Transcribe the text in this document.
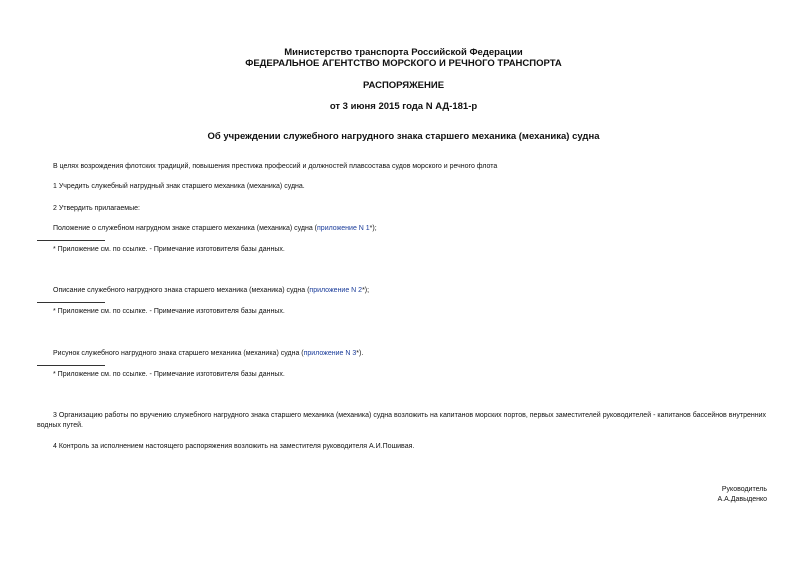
Министерство транспорта Российской Федерации
ФЕДЕРАЛЬНОЕ АГЕНТСТВО МОРСКОГО И РЕЧНОГО ТРАНСПОРТА
РАСПОРЯЖЕНИЕ
от 3 июня 2015 года N АД-181-р
Об учреждении служебного нагрудного знака старшего механика (механика) судна
В целях возрождения флотских традиций, повышения престижа профессий и должностей плавсостава судов морского и речного флота
1 Учредить служебный нагрудный знак старшего механика (механика) судна.
2 Утвердить прилагаемые:
Положение о служебном нагрудном знаке старшего механика (механика) судна (приложение N 1*);
* Приложение см. по ссылке. - Примечание изготовителя базы данных.
Описание служебного нагрудного знака старшего механика (механика) судна (приложение N 2*);
* Приложение см. по ссылке. - Примечание изготовителя базы данных.
Рисунок служебного нагрудного знака старшего механика (механика) судна (приложение N 3*).
* Приложение см. по ссылке. - Примечание изготовителя базы данных.
3 Организацию работы по вручению служебного нагрудного знака старшего механика (механика) судна возложить на капитанов морских портов, первых заместителей руководителей - капитанов бассейнов внутренних водных путей.
4 Контроль за исполнением настоящего распоряжения возложить на заместителя руководителя А.И.Пошивая.
Руководитель
А.А.Давыденко
